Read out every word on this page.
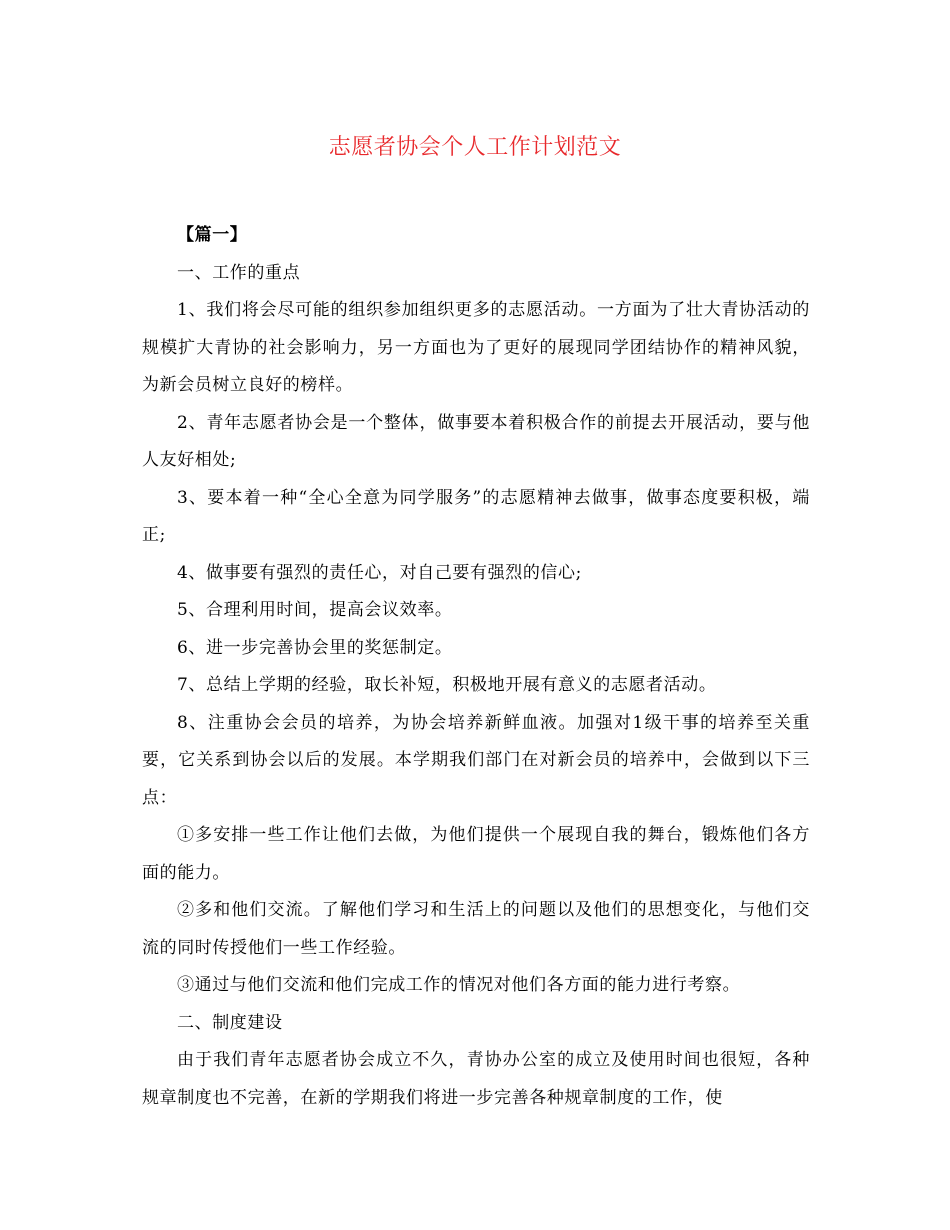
志愿者协会个人工作计划范文

【篇一】

一、工作的重点

1、我们将会尽可能的组织参加组织更多的志愿活动。一方面为了壮大青协活动的规模扩大青协的社会影响力，另一方面也为了更好的展现同学团结协作的精神风貌，为新会员树立良好的榜样。

2、青年志愿者协会是一个整体，做事要本着积极合作的前提去开展活动，要与他人友好相处;

3、要本着一种“全心全意为同学服务”的志愿精神去做事，做事态度要积极，端正;

4、做事要有强烈的责任心，对自己要有强烈的信心;

5、合理利用时间，提高会议效率。

6、进一步完善协会里的奖惩制定。

7、总结上学期的经验，取长补短，积极地开展有意义的志愿者活动。

8、注重协会会员的培养，为协会培养新鲜血液。加强对1级干事的培养至关重要，它关系到协会以后的发展。本学期我们部门在对新会员的培养中，会做到以下三点：

①多安排一些工作让他们去做，为他们提供一个展现自我的舞台，锻炼他们各方面的能力。

②多和他们交流。了解他们学习和生活上的问题以及他们的思想变化，与他们交流的同时传授他们一些工作经验。

③通过与他们交流和他们完成工作的情况对他们各方面的能力进行考察。

二、制度建设

由于我们青年志愿者协会成立不久，青协办公室的成立及使用时间也很短，各种规章制度也不完善，在新的学期我们将进一步完善各种规章制度的工作，使
